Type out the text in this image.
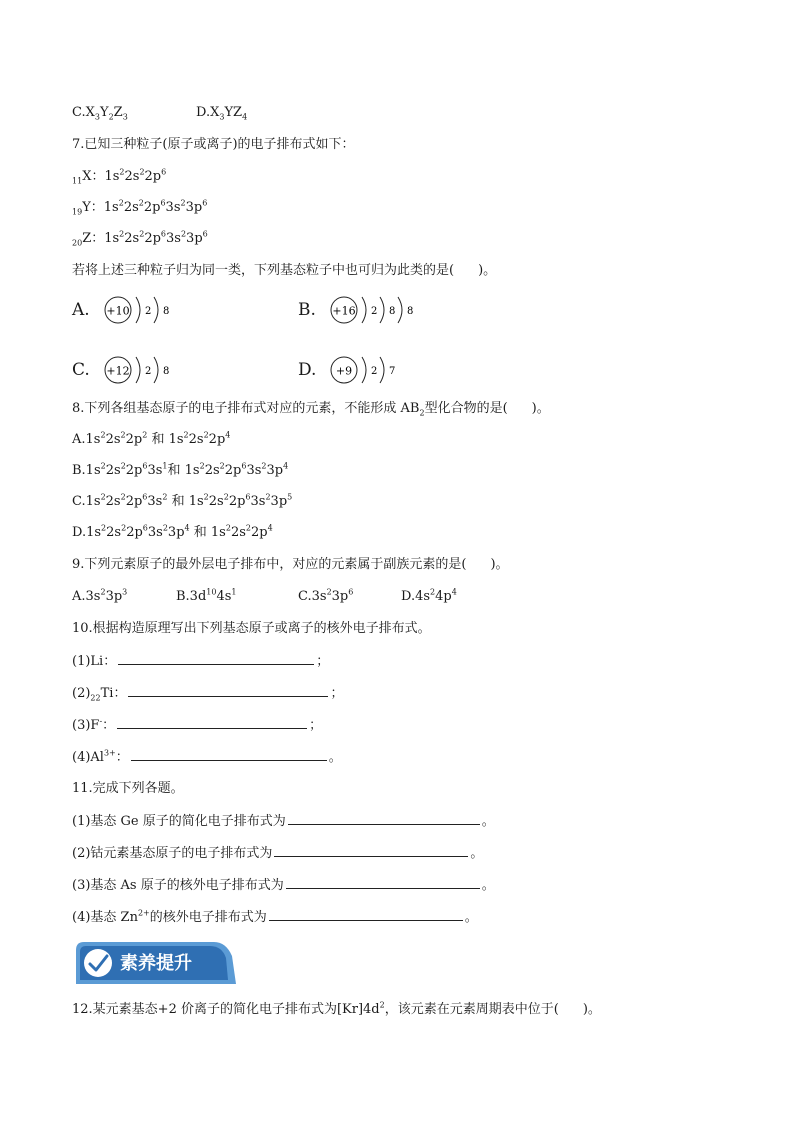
$C.X_3Y_2Z_3$	$D.X_3YZ_4$
7.已知三种粒子(原子或离子)的电子排布式如下：
$_{11}$X：$1s^22s^22p^6$
$_{19}$Y：$1s^22s^22p^63s^23p^6$
$_{20}$Z：$1s^22s^22p^63s^23p^6$
若将上述三种粒子归为同一类，下列基态粒子中也可归为此类的是( )。
A. +10 2 8	B. +16 2 8 8
C. +12 2 8	D. +9 2 7
8.下列各组基态原子的电子排布式对应的元素，不能形成 $AB_2$型化合物的是( )。
$A.1s^22s^22p^2$ 和 $1s^22s^22p^4$
$B.1s^22s^22p^63s^1$和 $1s^22s^22p^63s^23p^4$
$C.1s^22s^22p^63s^2$ 和 $1s^22s^22p^63s^23p^5$
$D.1s^22s^22p^63s^23p^4$ 和 $1s^22s^22p^4$
9.下列元素原子的最外层电子排布中，对应的元素属于副族元素的是( )。
$A.3s^23p^3$	$B.3d^{10}4s^1$	$C.3s^23p^6$	$D.4s^24p^4$
10.根据构造原理写出下列基态原子或离子的核外电子排布式。
(1)Li：	；
$(2)_{22}Ti$：	；
(3)F-：	；
$(4)Al^{3+}$：	。
11.完成下列各题。
(1)基态 Ge 原子的简化电子排布式为	。
(2)钴元素基态原子的电子排布式为	。
(3)基态 As 原子的核外电子排布式为	。
(4)基态 $Zn^{2+}$的核外电子排布式为	。
素养提升
12.某元素基态+2 价离子的简化电子排布式为$[Kr]4d^2$，该元素在元素周期表中位于( )。
